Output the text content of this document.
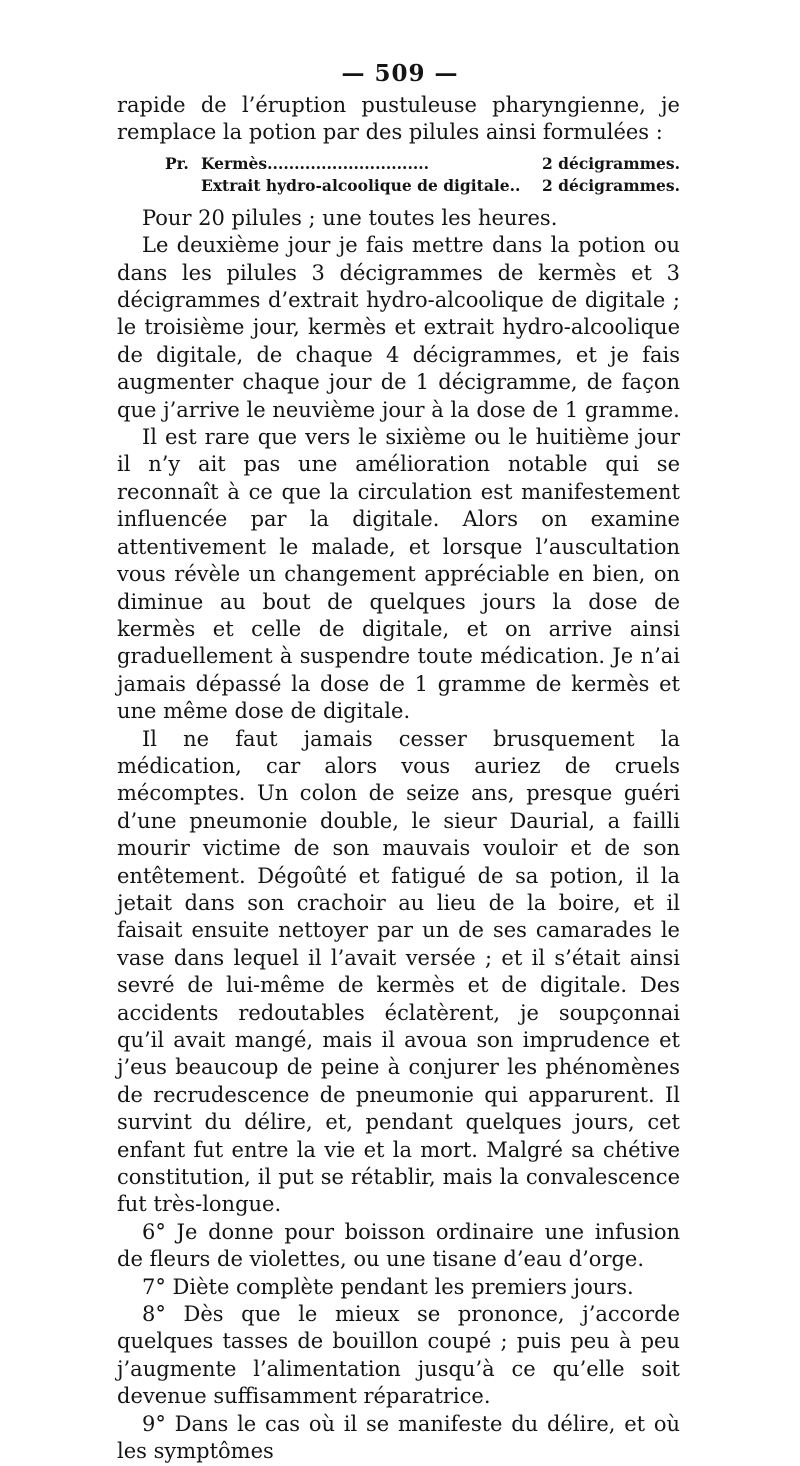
— 509 —

rapide de l’éruption pustuleuse pharyngienne, je remplace la potion par des pilules ainsi formulées :

Pr. Kermès..............................	2 décigrammes.
Extrait hydro-alcoolique de digitale..	2 décigrammes.

Pour 20 pilules ; une toutes les heures.

Le deuxième jour je fais mettre dans la potion ou dans les pilules 3 décigrammes de kermès et 3 décigrammes d’extrait hydro-alcoolique de digitale ; le troisième jour, kermès et extrait hydro-alcoolique de digitale, de chaque 4 décigrammes, et je fais augmenter chaque jour de 1 décigramme, de façon que j’arrive le neuvième jour à la dose de 1 gramme.

Il est rare que vers le sixième ou le huitième jour il n’y ait pas une amélioration notable qui se reconnaît à ce que la circulation est manifestement influencée par la digitale. Alors on examine attentivement le malade, et lorsque l’auscultation vous révèle un changement appréciable en bien, on diminue au bout de quelques jours la dose de kermès et celle de digitale, et on arrive ainsi graduellement à suspendre toute médication. Je n’ai jamais dépassé la dose de 1 gramme de kermès et une même dose de digitale.

Il ne faut jamais cesser brusquement la médication, car alors vous auriez de cruels mécomptes. Un colon de seize ans, presque guéri d’une pneumonie double, le sieur Daurial, a failli mourir victime de son mauvais vouloir et de son entêtement. Dégoûté et fatigué de sa potion, il la jetait dans son crachoir au lieu de la boire, et il faisait ensuite nettoyer par un de ses camarades le vase dans lequel il l’avait versée ; et il s’était ainsi sevré de lui-même de kermès et de digitale. Des accidents redoutables éclatèrent, je soupçonnai qu’il avait mangé, mais il avoua son imprudence et j’eus beaucoup de peine à conjurer les phénomènes de recrudescence de pneumonie qui apparurent. Il survint du délire, et, pendant quelques jours, cet enfant fut entre la vie et la mort. Malgré sa chétive constitution, il put se rétablir, mais la convalescence fut très-longue.

6° Je donne pour boisson ordinaire une infusion de fleurs de violettes, ou une tisane d’eau d’orge.

7° Diète complète pendant les premiers jours.

8° Dès que le mieux se prononce, j’accorde quelques tasses de bouillon coupé ; puis peu à peu j’augmente l’alimentation jusqu’à ce qu’elle soit devenue suffisamment réparatrice.

9° Dans le cas où il se manifeste du délire, et où les symptômes
